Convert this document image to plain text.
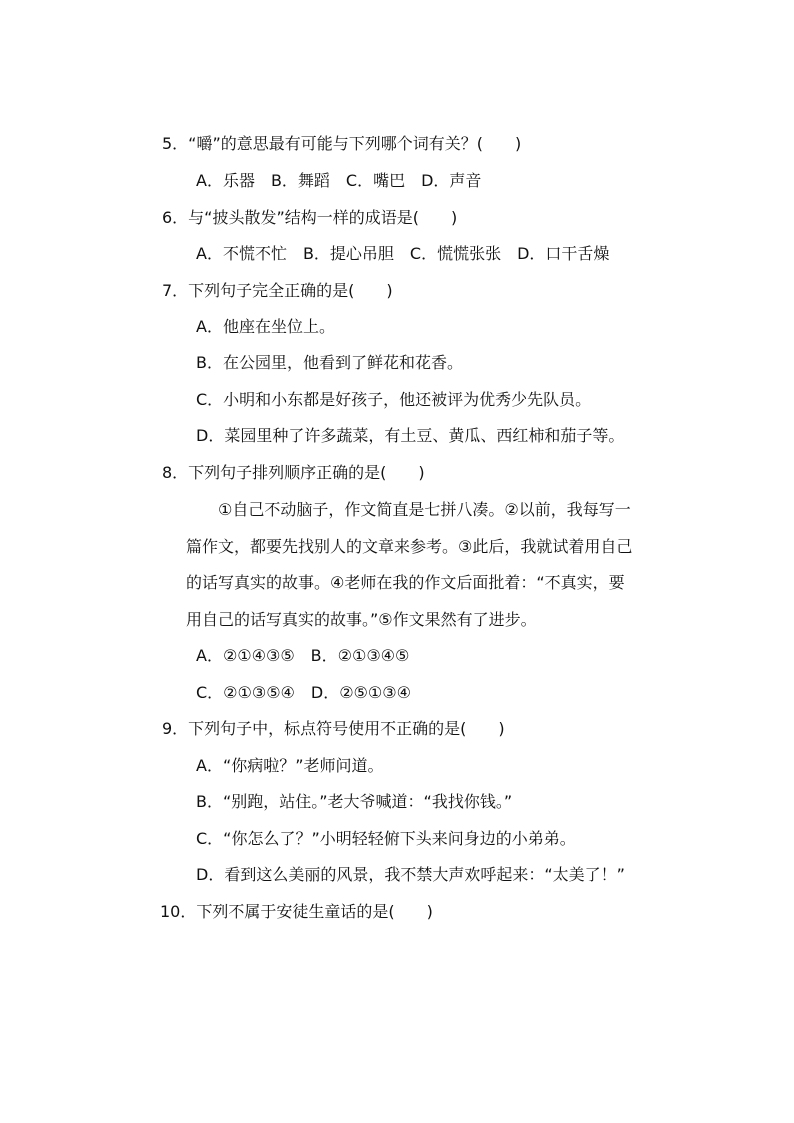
5．“嚼”的意思最有可能与下列哪个词有关？(　　)
A．乐器　B．舞蹈　C．嘴巴　D．声音
6．与“披头散发”结构一样的成语是(　　)
A．不慌不忙　B．提心吊胆　C．慌慌张张　D．口干舌燥
7．下列句子完全正确的是(　　)
A．他座在坐位上。
B．在公园里，他看到了鲜花和花香。
C．小明和小东都是好孩子，他还被评为优秀少先队员。
D．菜园里种了许多蔬菜，有土豆、黄瓜、西红柿和茄子等。
8．下列句子排列顺序正确的是(　　)
①自己不动脑子，作文简直是七拼八凑。②以前，我每写一
篇作文，都要先找别人的文章来参考。③此后，我就试着用自己
的话写真实的故事。④老师在我的作文后面批着：“不真实，要
用自己的话写真实的故事。”⑤作文果然有了进步。
A．②①④③⑤　B．②①③④⑤
C．②①③⑤④　D．②⑤①③④
9．下列句子中，标点符号使用不正确的是(　　)
A．“你病啦？”老师问道。
B．“别跑，站住。”老大爷喊道：“我找你钱。”
C．“你怎么了？”小明轻轻俯下头来问身边的小弟弟。
D．看到这么美丽的风景，我不禁大声欢呼起来：“太美了！”
10．下列不属于安徒生童话的是(　　)
